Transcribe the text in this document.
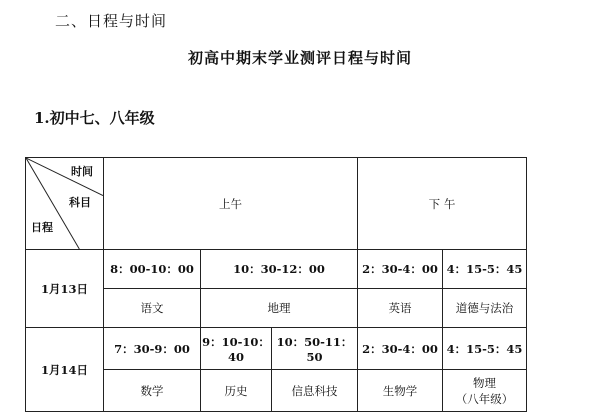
二、日程与时间
初高中期末学业测评日程与时间
1.初中七、八年级
时间
科目
日程	上午			下 午	
1月13日	8：00-10：00	10：30-12：00		2：30-4：00	4：15-5：45
	语文	地理		英语	道德与法治
1月14日	7：30-9：00	9：10-10：40	10：50-11：50	2：30-4：00	4：15-5：45
	数学	历史	信息科技	生物学	物理
（八年级）
